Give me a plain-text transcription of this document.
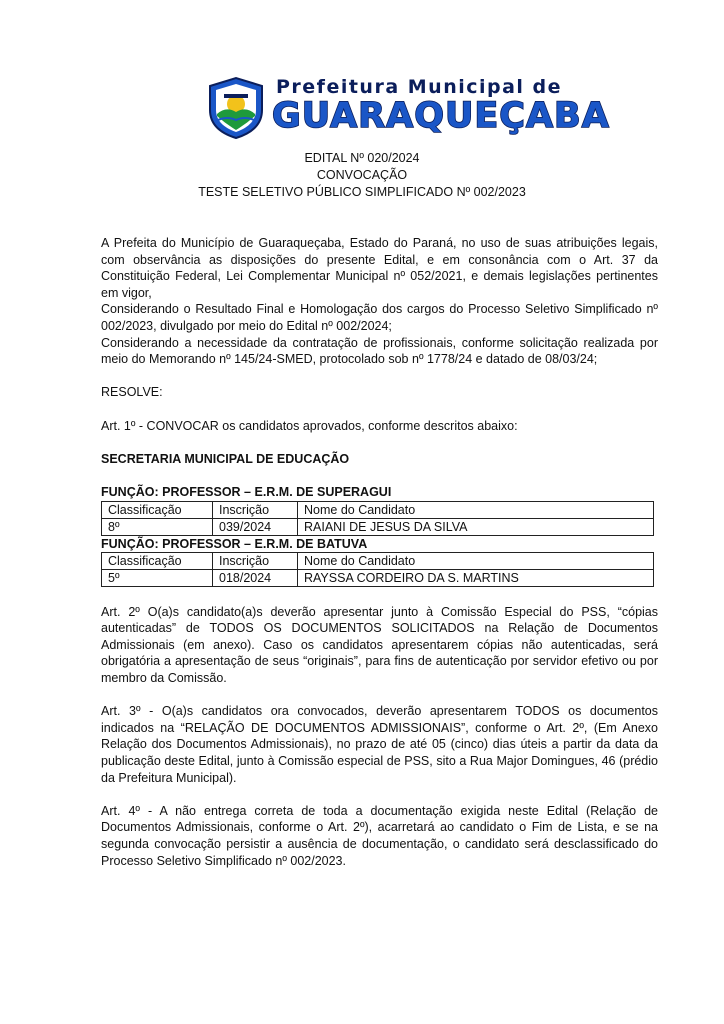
Prefeitura Municipal de
GUARAQUEÇABA
EDITAL Nº 020/2024
CONVOCAÇÃO
TESTE SELETIVO PÚBLICO SIMPLIFICADO Nº 002/2023

A Prefeita do Município de Guaraqueçaba, Estado do Paraná, no uso de suas atribuições legais, com observância as disposições do presente Edital, e em consonância com o Art. 37 da Constituição Federal, Lei Complementar Municipal nº 052/2021, e demais legislações pertinentes em vigor,

Considerando o Resultado Final e Homologação dos cargos do Processo Seletivo Simplificado nº 002/2023, divulgado por meio do Edital nº 002/2024;

Considerando a necessidade da contratação de profissionais, conforme solicitação realizada por meio do Memorando nº 145/24-SMED, protocolado sob nº 1778/24 e datado de 08/03/24;

RESOLVE:

Art. 1º - CONVOCAR os candidatos aprovados, conforme descritos abaixo:

SECRETARIA MUNICIPAL DE EDUCAÇÃO

FUNÇÃO: PROFESSOR – E.R.M. DE SUPERAGUI

Classificação	Inscrição	Nome do Candidato
8º	039/2024	RAIANI DE JESUS DA SILVA

FUNÇÃO: PROFESSOR – E.R.M. DE BATUVA

Classificação	Inscrição	Nome do Candidato
5º	018/2024	RAYSSA CORDEIRO DA S. MARTINS

Art. 2º O(a)s candidato(a)s deverão apresentar junto à Comissão Especial do PSS, “cópias autenticadas” de TODOS OS DOCUMENTOS SOLICITADOS na Relação de Documentos Admissionais (em anexo). Caso os candidatos apresentarem cópias não autenticadas, será obrigatória a apresentação de seus “originais”, para fins de autenticação por servidor efetivo ou por membro da Comissão.

Art. 3º - O(a)s candidatos ora convocados, deverão apresentarem TODOS os documentos indicados na “RELAÇÃO DE DOCUMENTOS ADMISSIONAIS”, conforme o Art. 2º, (Em Anexo Relação dos Documentos Admissionais), no prazo de até 05 (cinco) dias úteis a partir da data da publicação deste Edital, junto à Comissão especial de PSS, sito a Rua Major Domingues, 46 (prédio da Prefeitura Municipal).

Art. 4º - A não entrega correta de toda a documentação exigida neste Edital (Relação de Documentos Admissionais, conforme o Art. 2º), acarretará ao candidato o Fim de Lista, e se na segunda convocação persistir a ausência de documentação, o candidato será desclassificado do Processo Seletivo Simplificado nº 002/2023.
